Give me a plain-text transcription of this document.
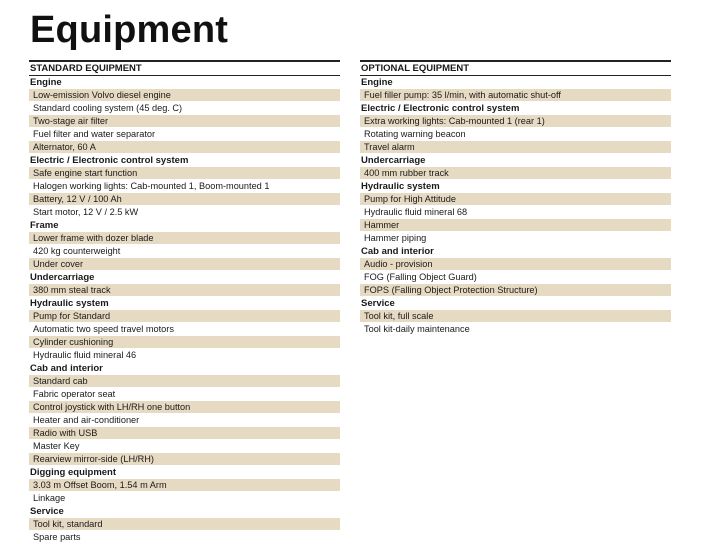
Equipment
STANDARD EQUIPMENT
Engine
Low-emission Volvo diesel engine
Standard cooling system (45 deg. C)
Two-stage air filter
Fuel filter and water separator
Alternator, 60 A
Electric / Electronic control system
Safe engine start function
Halogen working lights: Cab-mounted 1, Boom-mounted 1
Battery, 12 V / 100 Ah
Start motor, 12 V / 2.5 kW
Frame
Lower frame with dozer blade
420 kg counterweight
Under cover
Undercarriage
380 mm steal track
Hydraulic system
Pump for Standard
Automatic two speed travel motors
Cylinder cushioning
Hydraulic fluid mineral 46
Cab and interior
Standard cab
Fabric operator seat
Control joystick with LH/RH one button
Heater and air-conditioner
Radio with USB
Master Key
Rearview mirror-side (LH/RH)
Digging equipment
3.03 m Offset Boom, 1.54 m Arm
Linkage
Service
Tool kit, standard
Spare parts
OPTIONAL EQUIPMENT
Engine
Fuel filler pump: 35 l/min, with automatic shut-off
Electric / Electronic control system
Extra working lights: Cab-mounted 1 (rear 1)
Rotating warning beacon
Travel alarm
Undercarriage
400 mm rubber track
Hydraulic system
Pump for High Attitude
Hydraulic fluid mineral 68
Hammer
Hammer piping
Cab and interior
Audio - provision
FOG (Falling Object Guard)
FOPS (Falling Object Protection Structure)
Service
Tool kit, full scale
Tool kit-daily maintenance
